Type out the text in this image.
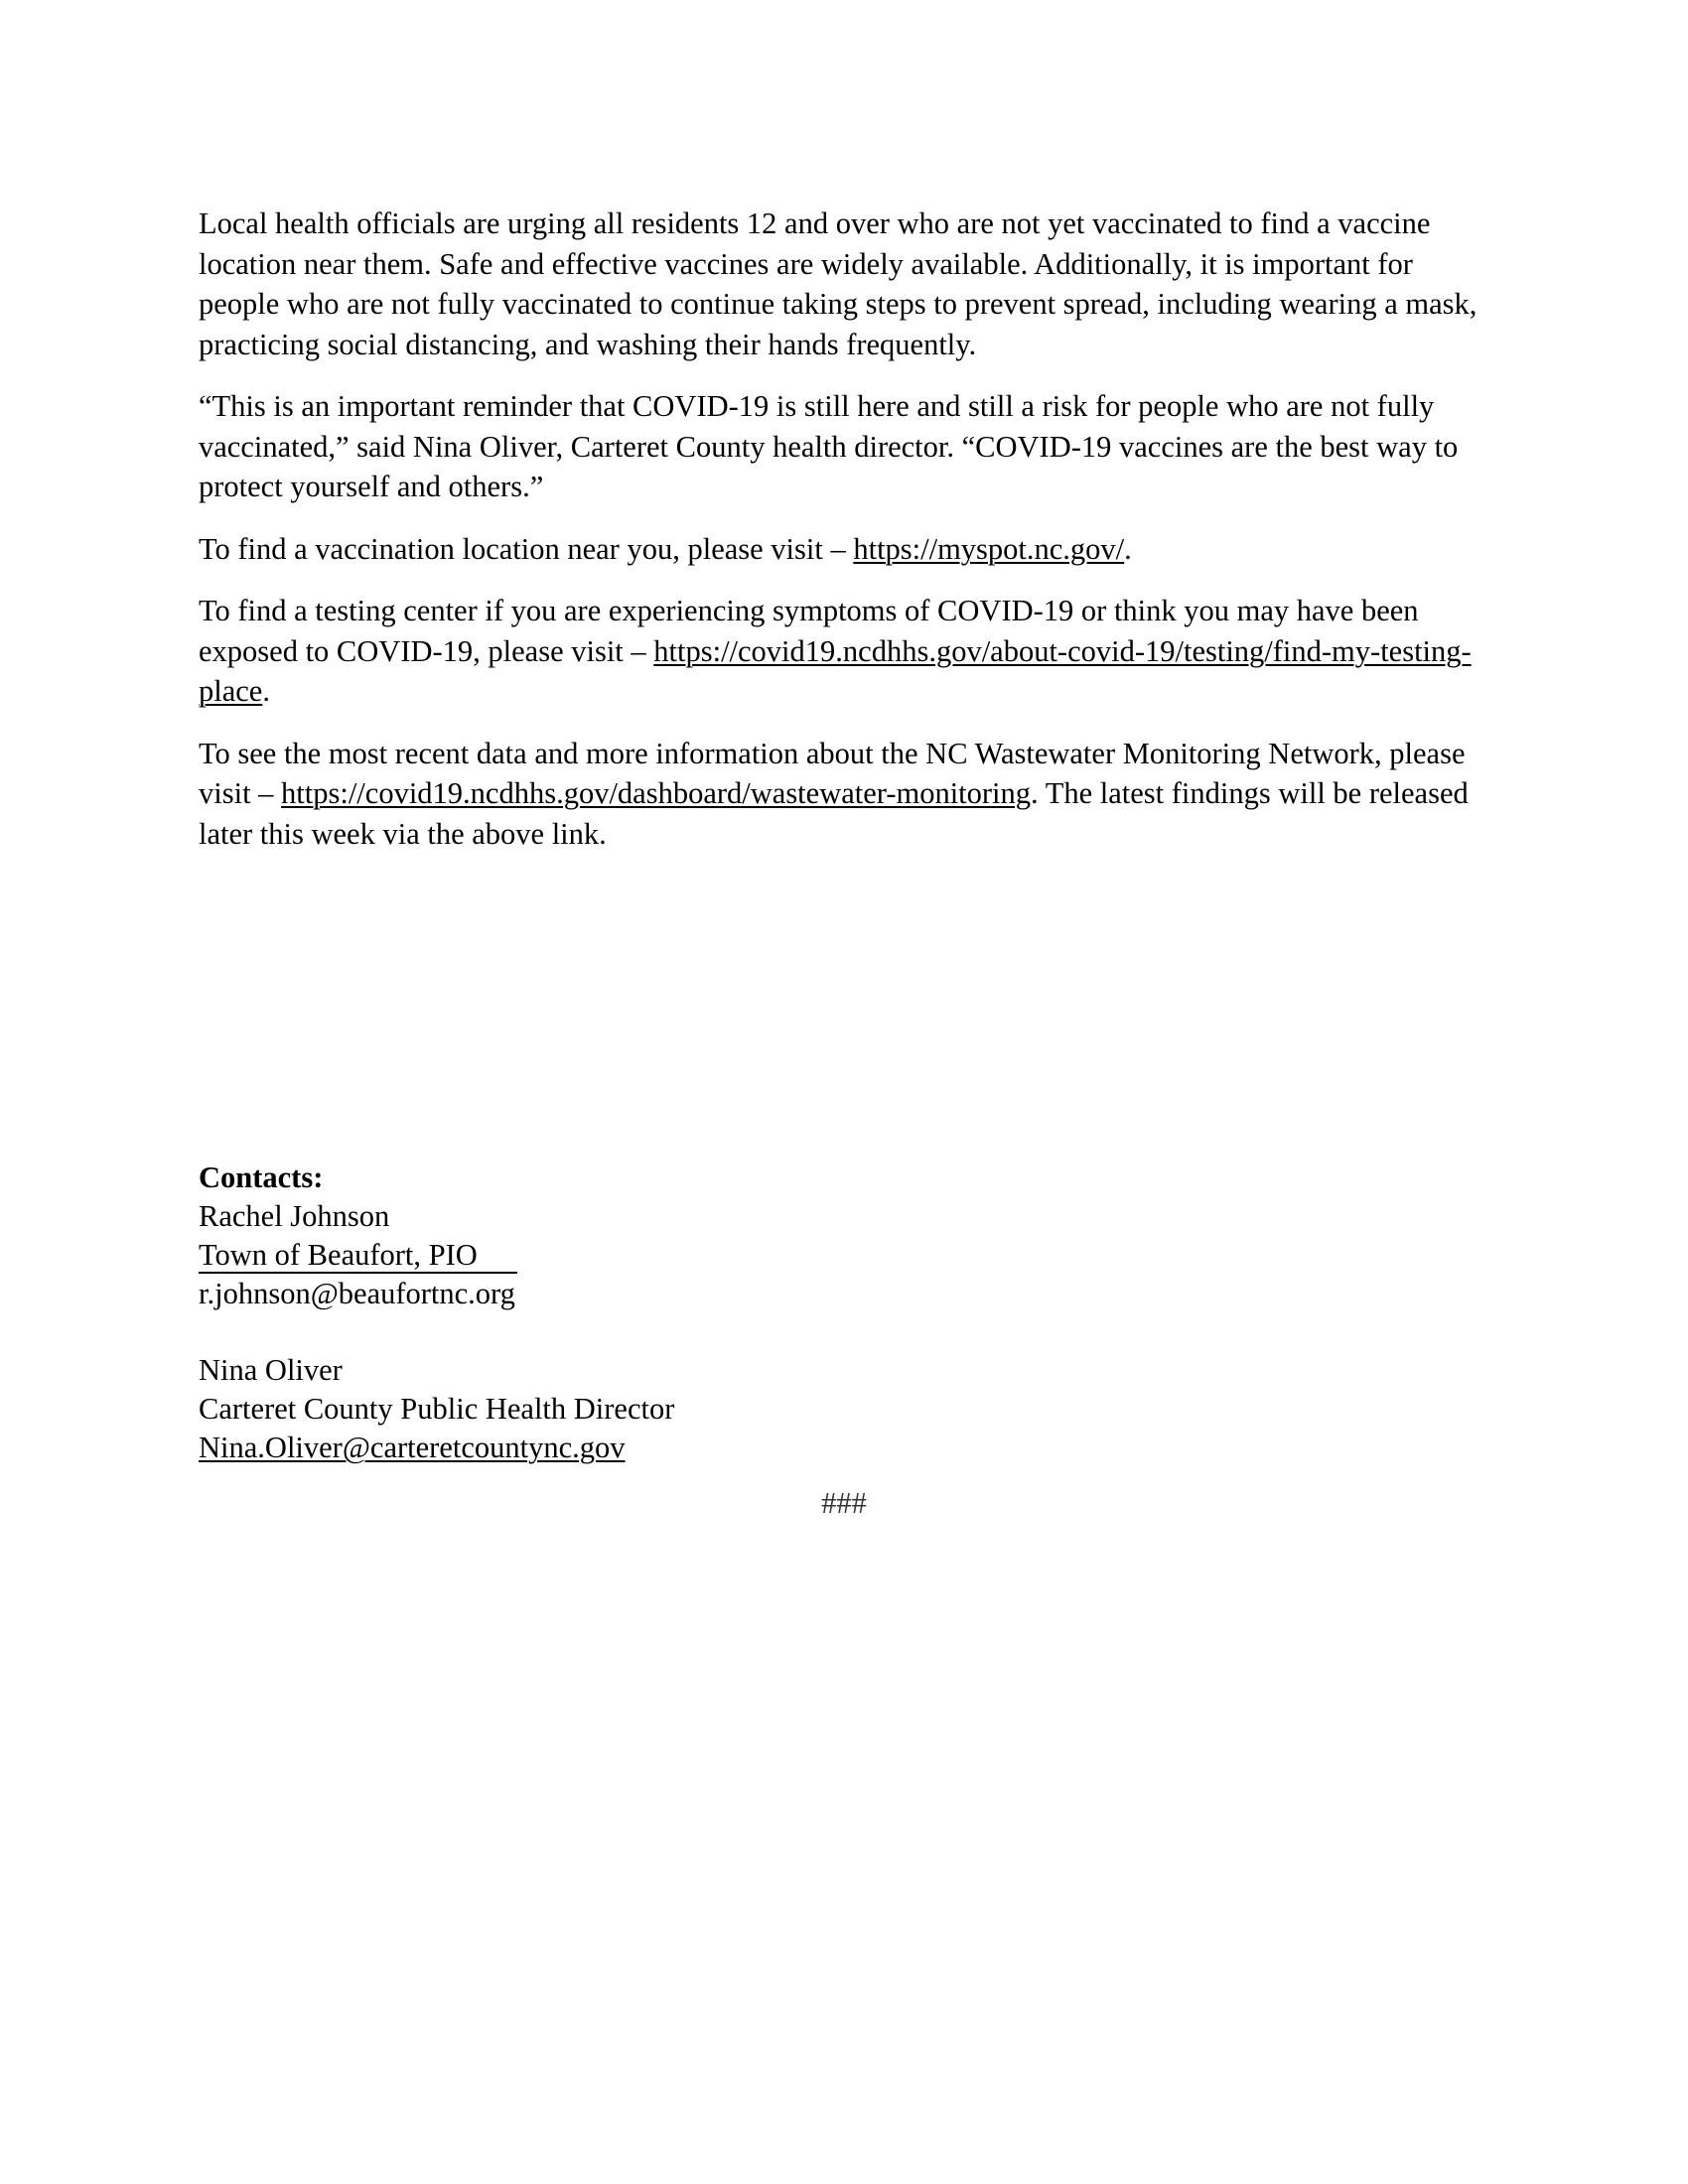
Local health officials are urging all residents 12 and over who are not yet vaccinated to find a vaccine location near them. Safe and effective vaccines are widely available. Additionally, it is important for people who are not fully vaccinated to continue taking steps to prevent spread, including wearing a mask, practicing social distancing, and washing their hands frequently.

“This is an important reminder that COVID-19 is still here and still a risk for people who are not fully vaccinated,” said Nina Oliver, Carteret County health director. “COVID-19 vaccines are the best way to protect yourself and others.”

To find a vaccination location near you, please visit – https://myspot.nc.gov/.

To find a testing center if you are experiencing symptoms of COVID-19 or think you may have been exposed to COVID-19, please visit – https://covid19.ncdhhs.gov/about-covid-19/testing/find-my-testing-place.

To see the most recent data and more information about the NC Wastewater Monitoring Network, please visit – https://covid19.ncdhhs.gov/dashboard/wastewater-monitoring. The latest findings will be released later this week via the above link.

Contacts:
Rachel Johnson
Town of Beaufort, PIO
r.johnson@beaufortnc.org
Nina Oliver
Carteret County Public Health Director
Nina.Oliver@carteretcountync.gov
###
